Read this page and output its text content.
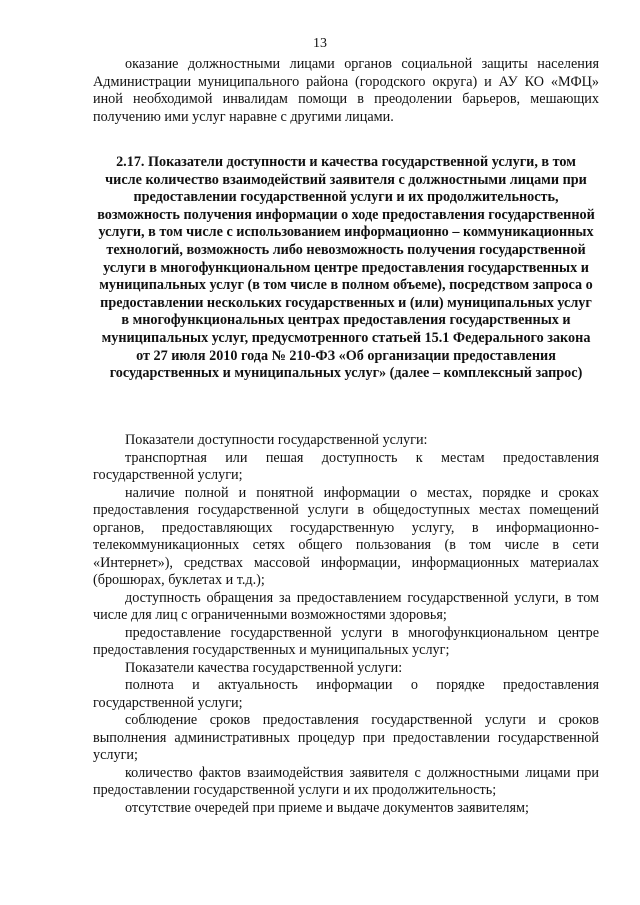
13
оказание должностными лицами органов социальной защиты населения Администрации муниципального района (городского округа) и АУ КО «МФЦ» иной необходимой инвалидам помощи в преодолении барьеров, мешающих получению ими услуг наравне с другими лицами.
2.17. Показатели доступности и качества государственной услуги, в том числе количество взаимодействий заявителя с должностными лицами при предоставлении государственной услуги и их продолжительность, возможность получения информации о ходе предоставления государственной услуги, в том числе с использованием информационно – коммуникационных технологий, возможность либо невозможность получения государственной услуги в многофункциональном центре предоставления государственных и муниципальных услуг (в том числе в полном объеме), посредством запроса о предоставлении нескольких государственных и (или) муниципальных услуг в многофункциональных центрах предоставления государственных и муниципальных услуг, предусмотренного статьей 15.1 Федерального закона от 27 июля 2010 года № 210-ФЗ «Об организации предоставления государственных и муниципальных услуг» (далее – комплексный запрос)

Показатели доступности государственной услуги:

транспортная или пешая доступность к местам предоставления государственной услуги;

наличие полной и понятной информации о местах, порядке и сроках предоставления государственной услуги в общедоступных местах помещений органов, предоставляющих государственную услугу, в информационно-телекоммуникационных сетях общего пользования (в том числе в сети «Интернет»), средствах массовой информации, информационных материалах (брошюрах, буклетах и т.д.);

доступность обращения за предоставлением государственной услуги, в том числе для лиц с ограниченными возможностями здоровья;

предоставление государственной услуги в многофункциональном центре предоставления государственных и муниципальных услуг;

Показатели качества государственной услуги:

полнота и актуальность информации о порядке предоставления государственной услуги;

соблюдение сроков предоставления государственной услуги и сроков выполнения административных процедур при предоставлении государственной услуги;

количество фактов взаимодействия заявителя с должностными лицами при предоставлении государственной услуги и их продолжительность;

отсутствие очередей при приеме и выдаче документов заявителям;
